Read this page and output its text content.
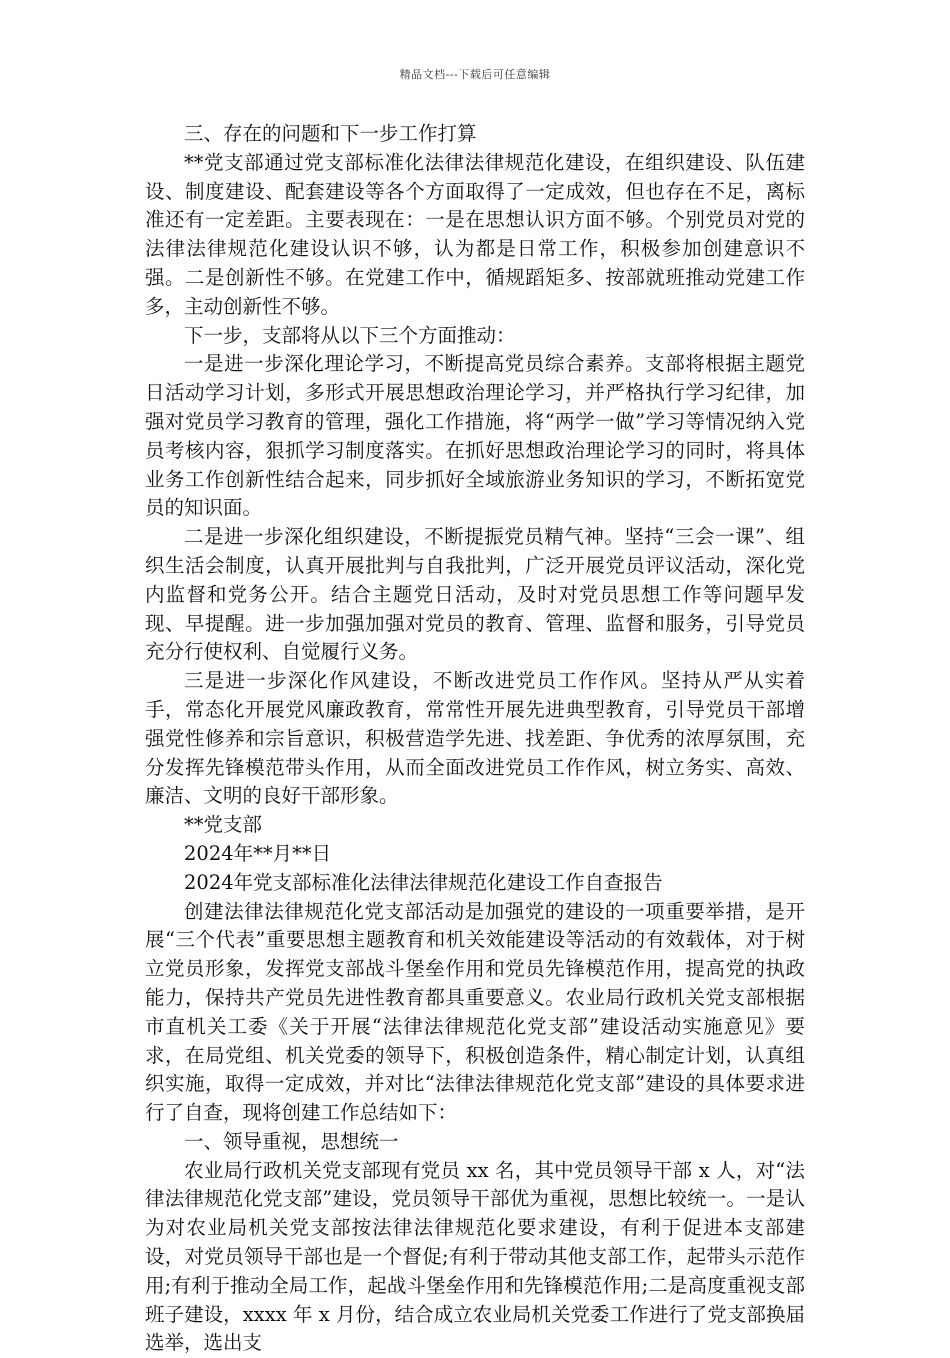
精品文档---下载后可任意编辑

三、存在的问题和下一步工作打算

**党支部通过党支部标准化法律法律规范化建设，在组织建设、队伍建设、制度建设、配套建设等各个方面取得了一定成效，但也存在不足，离标准还有一定差距。主要表现在：一是在思想认识方面不够。个别党员对党的法律法律规范化建设认识不够，认为都是日常工作，积极参加创建意识不强。二是创新性不够。在党建工作中，循规蹈矩多、按部就班推动党建工作多，主动创新性不够。

下一步，支部将从以下三个方面推动：

一是进一步深化理论学习，不断提高党员综合素养。支部将根据主题党日活动学习计划，多形式开展思想政治理论学习，并严格执行学习纪律，加强对党员学习教育的管理，强化工作措施，将“两学一做”学习等情况纳入党员考核内容，狠抓学习制度落实。在抓好思想政治理论学习的同时，将具体业务工作创新性结合起来，同步抓好全域旅游业务知识的学习，不断拓宽党员的知识面。

二是进一步深化组织建设，不断提振党员精气神。坚持“三会一课”、组织生活会制度，认真开展批判与自我批判，广泛开展党员评议活动，深化党内监督和党务公开。结合主题党日活动，及时对党员思想工作等问题早发现、早提醒。进一步加强加强对党员的教育、管理、监督和服务，引导党员充分行使权利、自觉履行义务。

三是进一步深化作风建设，不断改进党员工作作风。坚持从严从实着手，常态化开展党风廉政教育，常常性开展先进典型教育，引导党员干部增强党性修养和宗旨意识，积极营造学先进、找差距、争优秀的浓厚氛围，充分发挥先锋模范带头作用，从而全面改进党员工作作风，树立务实、高效、廉洁、文明的良好干部形象。

**党支部

2024年**月**日

2024年党支部标准化法律法律规范化建设工作自查报告

创建法律法律规范化党支部活动是加强党的建设的一项重要举措，是开展“三个代表”重要思想主题教育和机关效能建设等活动的有效载体，对于树立党员形象，发挥党支部战斗堡垒作用和党员先锋模范作用，提高党的执政能力，保持共产党员先进性教育都具重要意义。农业局行政机关党支部根据市直机关工委《关于开展“法律法律规范化党支部”建设活动实施意见》要求，在局党组、机关党委的领导下，积极创造条件，精心制定计划，认真组织实施，取得一定成效，并对比“法律法律规范化党支部”建设的具体要求进行了自查，现将创建工作总结如下：

一、领导重视，思想统一

农业局行政机关党支部现有党员 xx 名，其中党员领导干部 x 人，对“法律法律规范化党支部”建设，党员领导干部优为重视，思想比较统一。一是认为对农业局机关党支部按法律法律规范化要求建设，有利于促进本支部建设，对党员领导干部也是一个督促;有利于带动其他支部工作，起带头示范作用;有利于推动全局工作，起战斗堡垒作用和先锋模范作用;二是高度重视支部班子建设，xxxx 年 x 月份，结合成立农业局机关党委工作进行了党支部换届选举，选出支
